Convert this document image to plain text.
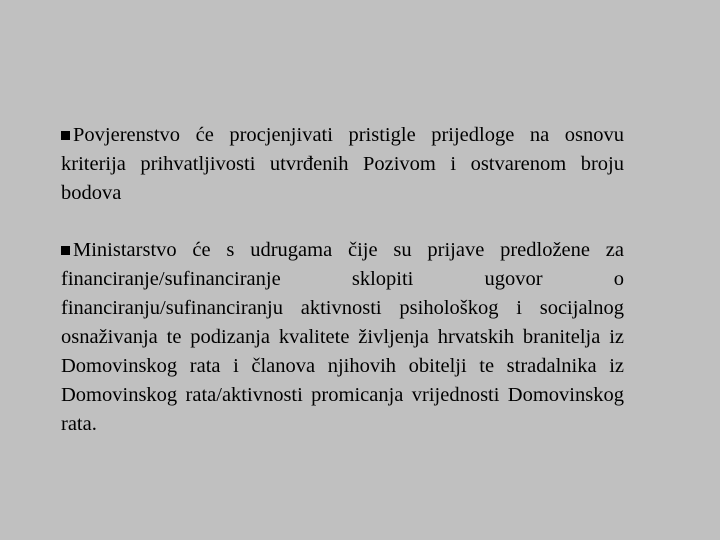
Povjerenstvo će procjenjivati pristigle prijedloge na osnovu kriterija prihvatljivosti utvrđenih Pozivom i ostvarenom broju bodova

Ministarstvo će s udrugama čije su prijave predložene za financiranje/sufinanciranje sklopiti ugovor o financiranju/sufinanciranju aktivnosti psihološkog i socijalnog osnaživanja te podizanja kvalitete življenja hrvatskih branitelja iz Domovinskog rata i članova njihovih obitelji te stradalnika iz Domovinskog rata/aktivnosti promicanja vrijednosti Domovinskog rata.
